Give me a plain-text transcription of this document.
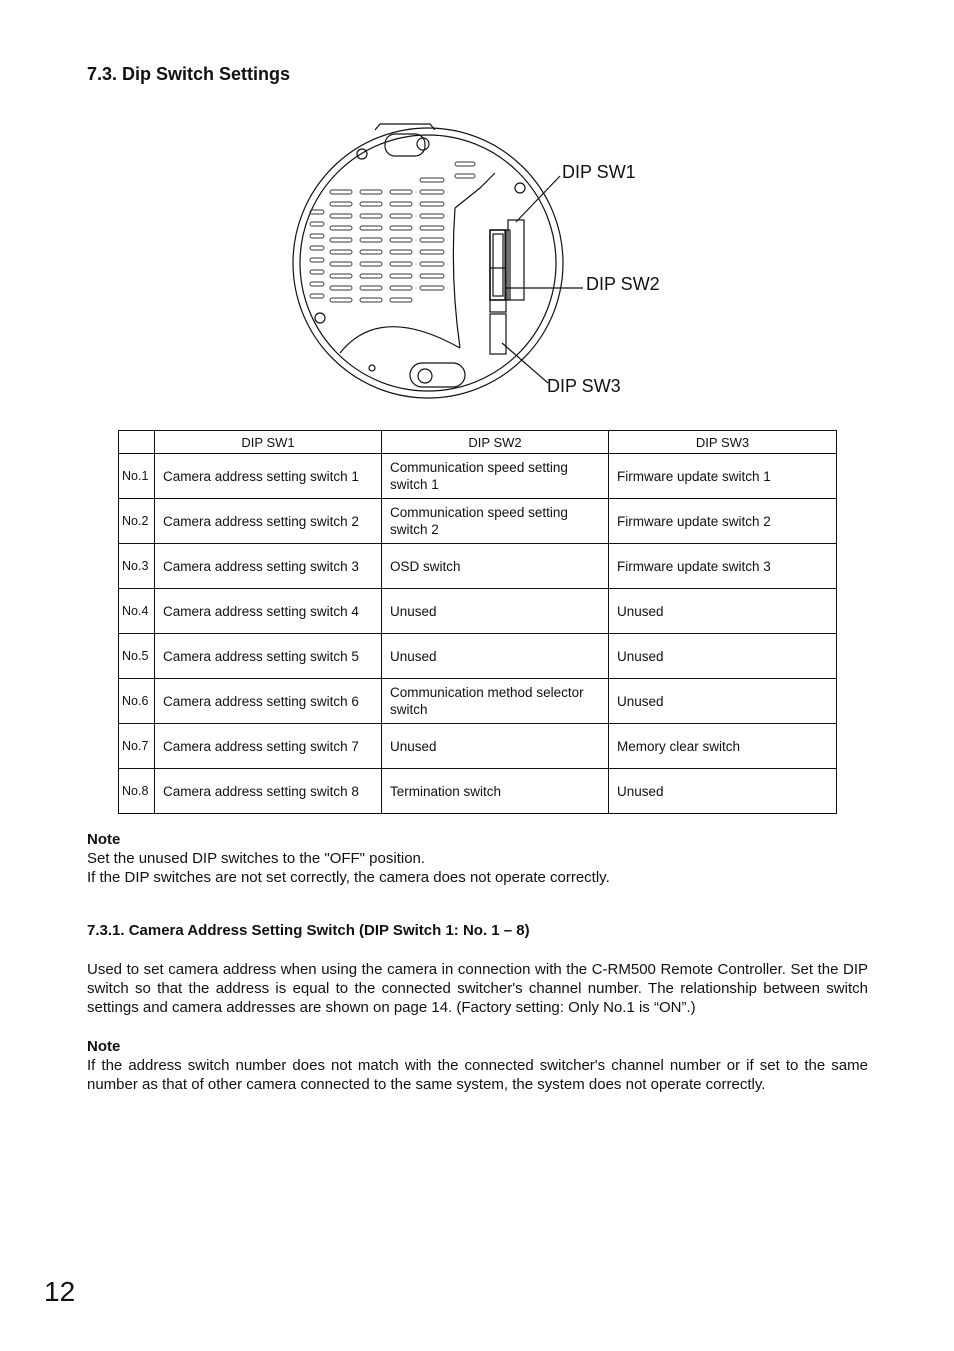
7.3. Dip Switch Settings
DIP SW1
DIP SW2
DIP SW3
	DIP SW1	DIP SW2	DIP SW3
No.1	Camera address setting switch 1	Communication speed setting switch 1	Firmware update switch 1
No.2	Camera address setting switch 2	Communication speed setting switch 2	Firmware update switch 2
No.3	Camera address setting switch 3	OSD switch	Firmware update switch 3
No.4	Camera address setting switch 4	Unused	Unused
No.5	Camera address setting switch 5	Unused	Unused
No.6	Camera address setting switch 6	Communication method selector switch	Unused
No.7	Camera address setting switch 7	Unused	Memory clear switch
No.8	Camera address setting switch 8	Termination switch	Unused
Note
Set the unused DIP switches to the "OFF" position.
If the DIP switches are not set correctly, the camera does not operate correctly.
7.3.1. Camera Address Setting Switch (DIP Switch 1: No. 1 – 8)
Used to set camera address when using the camera in connection with the C-RM500 Remote Controller. Set the DIP switch so that the address is equal to the connected switcher's channel number. The relationship between switch settings and camera addresses are shown on page 14. (Factory setting: Only No.1 is “ON”.)
Note
If the address switch number does not match with the connected switcher's channel number or if set to the same number as that of other camera connected to the same system, the system does not operate correctly.
12
